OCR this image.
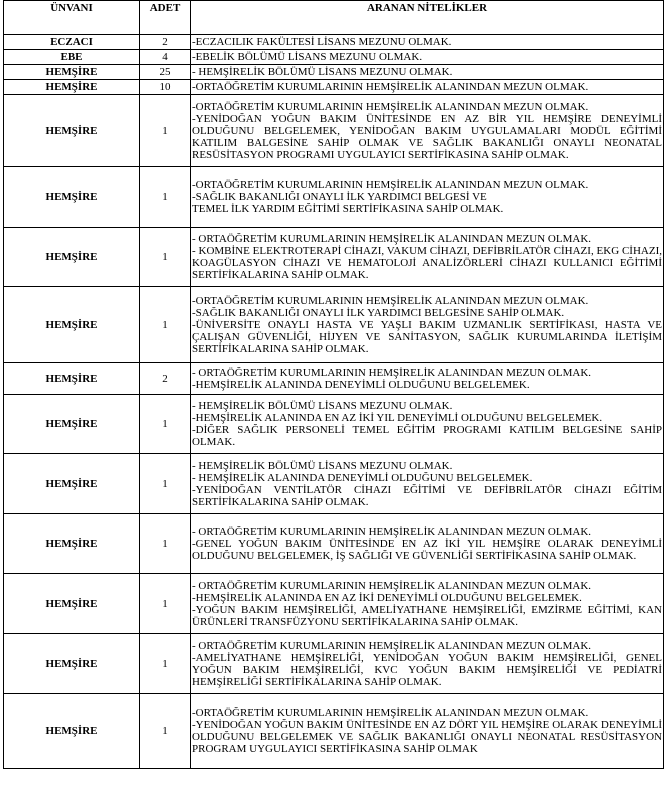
ÜNVANI	ADET	ARANAN NİTELİKLER
ECZACI	2	-ECZACILIK FAKÜLTESİ LİSANS MEZUNU OLMAK.

EBE	4	-EBELİK BÖLÜMÜ LİSANS MEZUNU OLMAK.

HEMŞİRE	25	- HEMŞİRELİK BÖLÜMÜ LİSANS MEZUNU OLMAK.

HEMŞİRE	10	-ORTAÖĞRETİM KURUMLARININ HEMŞİRELİK ALANINDAN MEZUN OLMAK.

HEMŞİRE	1	-ORTAÖĞRETİM KURUMLARININ HEMŞİRELİK ALANINDAN MEZUN OLMAK.
-YENİDOĞAN YOĞUN BAKIM ÜNİTESİNDE EN AZ BİR YIL HEMŞİRE DENEYİMLİ OLDUĞUNU BELGELEMEK, YENİDOĞAN BAKIM UYGULAMALARI MODÜL EĞİTİMİ KATILIM BALGESİNE SAHİP OLMAK VE SAĞLIK BAKANLIĞI ONAYLI NEONATAL RESÜSİTASYON PROGRAMI UYGULAYICI SERTİFİKASINA SAHİP OLMAK.

HEMŞİRE	1	-ORTAÖĞRETİM KURUMLARININ HEMŞİRELİK ALANINDAN MEZUN OLMAK.
-SAĞLIK BAKANLIĞI ONAYLI İLK YARDIMCI BELGESİ VE
TEMEL İLK YARDIM EĞİTİMİ SERTİFİKASINA SAHİP OLMAK.

HEMŞİRE	1	- ORTAÖĞRETİM KURUMLARININ HEMŞİRELİK ALANINDAN MEZUN OLMAK.
- KOMBİNE ELEKTROTERAPİ CİHAZI, VAKUM CİHAZI, DEFİBRİLATÖR CİHAZI, EKG CİHAZI, KOAGÜLASYON CİHAZI VE HEMATOLOJİ ANALİZÖRLERİ CİHAZI KULLANICI EĞİTİMİ SERTİFİKALARINA SAHİP OLMAK.

HEMŞİRE	1	-ORTAÖĞRETİM KURUMLARININ HEMŞİRELİK ALANINDAN MEZUN OLMAK.
-SAĞLIK BAKANLIĞI ONAYLI İLK YARDIMCI BELGESİNE SAHİP OLMAK.
-ÜNİVERSİTE ONAYLI HASTA VE YAŞLI BAKIM UZMANLIK SERTİFİKASI, HASTA VE ÇALIŞAN GÜVENLİĞİ, HİJYEN VE SANİTASYON, SAĞLIK KURUMLARINDA İLETİŞİM SERTİFİKALARINA SAHİP OLMAK.

HEMŞİRE	2	- ORTAÖĞRETİM KURUMLARININ HEMŞİRELİK ALANINDAN MEZUN OLMAK.
-HEMŞİRELİK ALANINDA DENEYİMLİ OLDUĞUNU BELGELEMEK.

HEMŞİRE	1	- HEMŞİRELİK BÖLÜMÜ LİSANS MEZUNU OLMAK.
-HEMŞİRELİK ALANINDA EN AZ İKİ YIL DENEYİMLİ OLDUĞUNU BELGELEMEK.
-DİĞER SAĞLIK PERSONELİ TEMEL EĞİTİM PROGRAMI KATILIM BELGESİNE SAHİP OLMAK.

HEMŞİRE	1	- HEMŞİRELİK BÖLÜMÜ LİSANS MEZUNU OLMAK.
- HEMŞİRELİK ALANINDA DENEYİMLİ OLDUĞUNU BELGELEMEK.
-YENİDOĞAN VENTİLATÖR CİHAZI EĞİTİMİ VE DEFİBRİLATÖR CİHAZI EĞİTİM SERTİFİKALARINA SAHİP OLMAK.

HEMŞİRE	1	- ORTAÖĞRETİM KURUMLARININ HEMŞİRELİK ALANINDAN MEZUN OLMAK.
-GENEL YOĞUN BAKIM ÜNİTESİNDE EN AZ İKİ YIL HEMŞİRE OLARAK DENEYİMLİ OLDUĞUNU BELGELEMEK, İŞ SAĞLIĞI VE GÜVENLİĞİ SERTİFİKASINA SAHİP OLMAK.

HEMŞİRE	1	- ORTAÖĞRETİM KURUMLARININ HEMŞİRELİK ALANINDAN MEZUN OLMAK.
-HEMŞİRELİK ALANINDA EN AZ İKİ DENEYİMLİ OLDUĞUNU BELGELEMEK.
-YOĞUN BAKIM HEMŞİRELİĞİ, AMELİYATHANE HEMŞİRELİĞİ, EMZİRME EĞİTİMİ, KAN ÜRÜNLERİ TRANSFÜZYONU SERTİFİKALARINA SAHİP OLMAK.

HEMŞİRE	1	- ORTAÖĞRETİM KURUMLARININ HEMŞİRELİK ALANINDAN MEZUN OLMAK.
-AMELİYATHANE HEMŞİRELİĞİ, YENİDOĞAN YOĞUN BAKIM HEMŞİRELİĞİ, GENEL YOĞUN BAKIM HEMŞİRELİĞİ, KVC YOĞUN BAKIM HEMŞİRELİĞİ VE PEDİATRİ HEMŞİRELİĞİ SERTİFİKALARINA SAHİP OLMAK.

HEMŞİRE	1	-ORTAÖĞRETİM KURUMLARININ HEMŞİRELİK ALANINDAN MEZUN OLMAK.
-YENİDOĞAN YOĞUN BAKIM ÜNİTESİNDE EN AZ DÖRT YIL HEMŞİRE OLARAK DENEYİMLİ OLDUĞUNU BELGELEMEK VE SAĞLIK BAKANLIĞI ONAYLI NEONATAL RESÜSİTASYON PROGRAM UYGULAYICI SERTİFİKASINA SAHİP OLMAK
